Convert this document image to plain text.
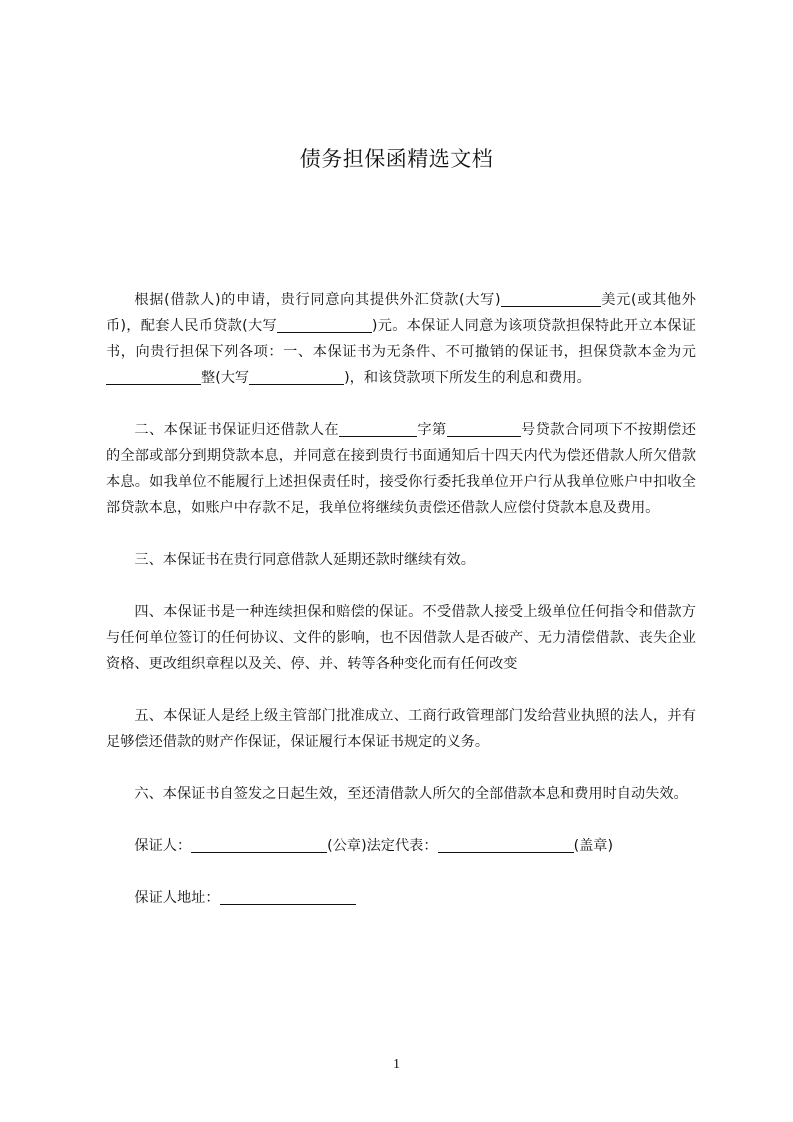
债务担保函精选文档

根据(借款人)的申请，贵行同意向其提供外汇贷款(大写)	美元(或其他外币)，配套人民币贷款(大写	)元。本保证人同意为该项贷款担保特此开立本保证书，向贵行担保下列各项：一、本保证书为无条件、不可撤销的保证书，担保贷款本金为元整(大写	)，和该贷款项下所发生的利息和费用。

二、本保证书保证归还借款人在	字第	号贷款合同项下不按期偿还的全部或部分到期贷款本息，并同意在接到贵行书面通知后十四天内代为偿还借款人所欠借款本息。如我单位不能履行上述担保责任时，接受你行委托我单位开户行从我单位账户中扣收全部贷款本息，如账户中存款不足，我单位将继续负责偿还借款人应偿付贷款本息及费用。

三、本保证书在贵行同意借款人延期还款时继续有效。

四、本保证书是一种连续担保和赔偿的保证。不受借款人接受上级单位任何指令和借款方与任何单位签订的任何协议、文件的影响，也不因借款人是否破产、无力清偿借款、丧失企业资格、更改组织章程以及关、停、并、转等各种变化而有任何改变

五、本保证人是经上级主管部门批准成立、工商行政管理部门发给营业执照的法人，并有足够偿还借款的财产作保证，保证履行本保证书规定的义务。

六、本保证书自签发之日起生效，至还清借款人所欠的全部借款本息和费用时自动失效。

保证人：	(公章)法定代表：	(盖章)

保证人地址：

1
